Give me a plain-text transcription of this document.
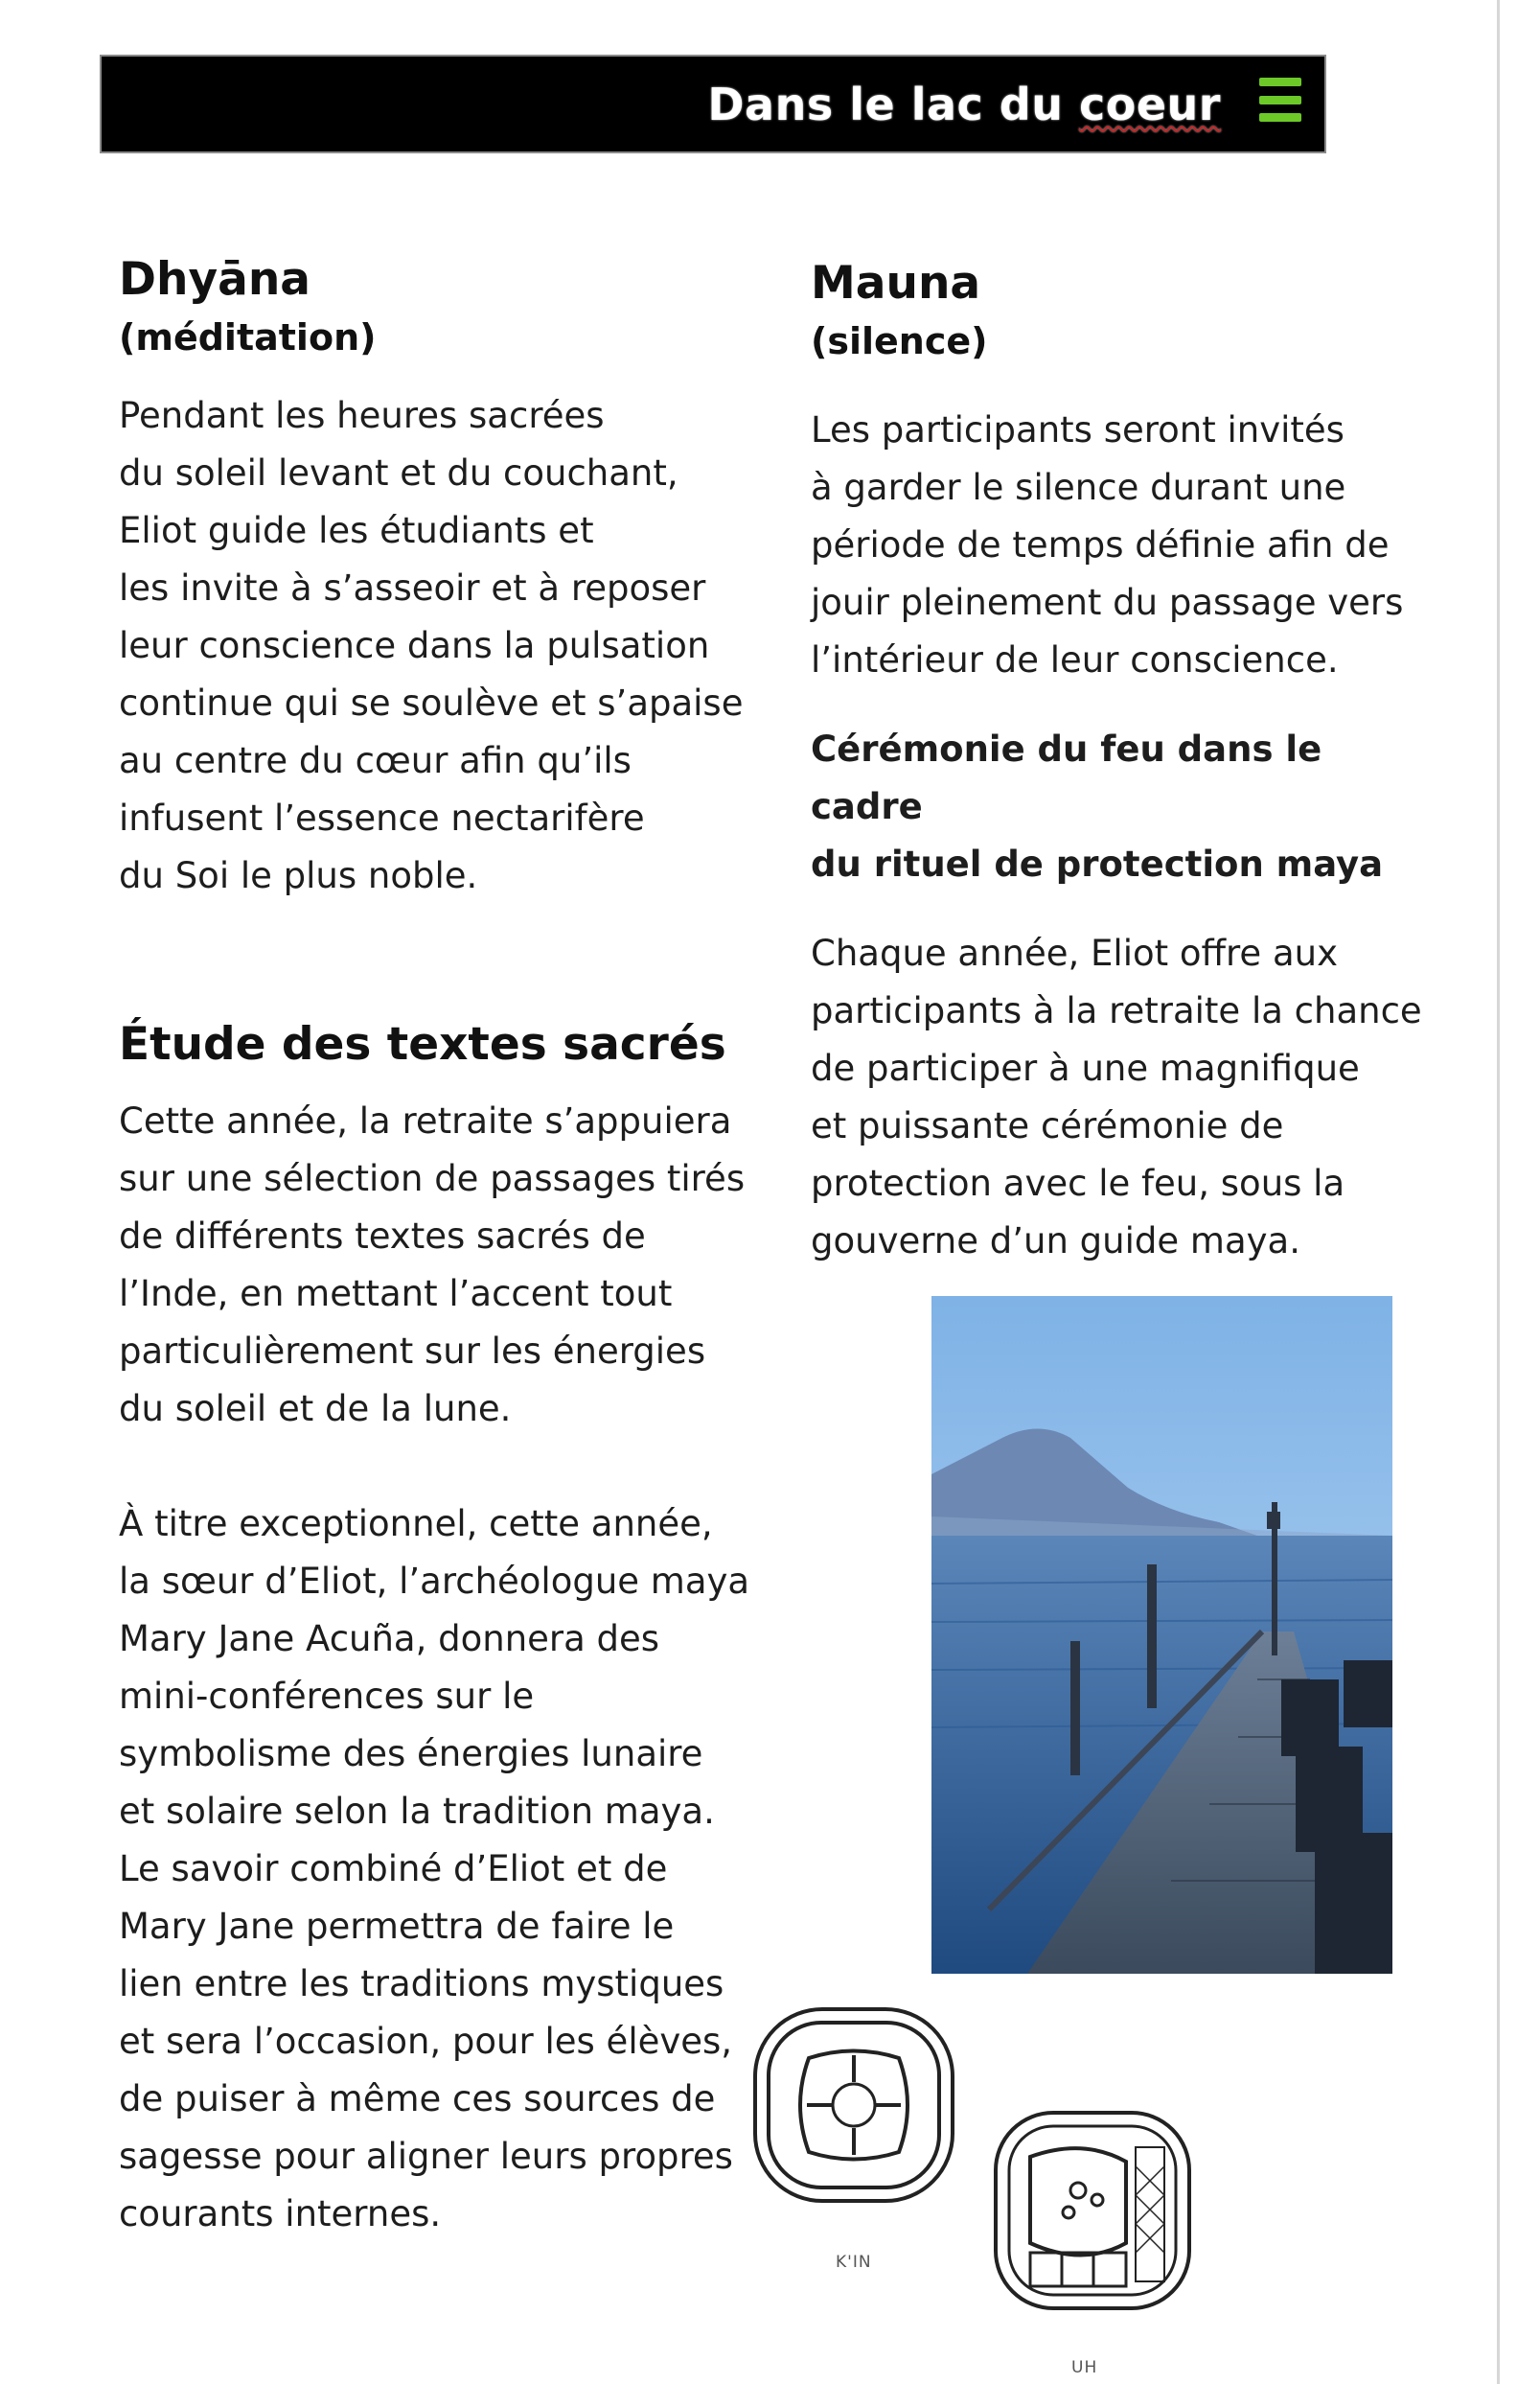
Dans le lac du coeur
Dhyāna
(méditation)

Pendant les heures sacrées
du soleil levant et du couchant,
Eliot guide les étudiants et
les invite à s’asseoir et à reposer
leur conscience dans la pulsation
continue qui se soulève et s’apaise
au centre du cœur afin qu’ils
infusent l’essence nectarifère
du Soi le plus noble.

Étude des textes sacrés

Cette année, la retraite s’appuiera
sur une sélection de passages tirés
de différents textes sacrés de
l’Inde, en mettant l’accent tout
particulièrement sur les énergies
du soleil et de la lune.

À titre exceptionnel, cette année,
la sœur d’Eliot, l’archéologue maya
Mary Jane Acuña, donnera des
mini-conférences sur le
symbolisme des énergies lunaire
et solaire selon la tradition maya.
Le savoir combiné d’Eliot et de
Mary Jane permettra de faire le
lien entre les traditions mystiques
et sera l’occasion, pour les élèves,
de puiser à même ces sources de
sagesse pour aligner leurs propres
courants internes.

Mauna
(silence)

Les participants seront invités
à garder le silence durant une
période de temps définie afin de
jouir pleinement du passage vers
l’intérieur de leur conscience.

Cérémonie du feu dans le cadre
du rituel de protection maya

Chaque année, Eliot offre aux
participants à la retraite la chance
de participer à une magnifique
et puissante cérémonie de
protection avec le feu, sous la
gouverne d’un guide maya.

K'IN
UH
